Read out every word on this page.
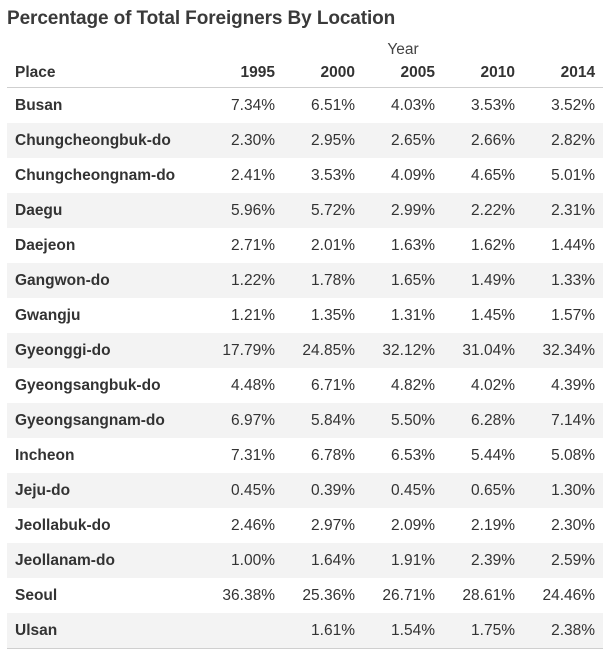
Percentage of Total Foreigners By Location
	Year				
Place	1995	2000	2005	2010	2014
Busan	7.34%	6.51%	4.03%	3.53%	3.52%
Chungcheongbuk-do	2.30%	2.95%	2.65%	2.66%	2.82%
Chungcheongnam-do	2.41%	3.53%	4.09%	4.65%	5.01%
Daegu	5.96%	5.72%	2.99%	2.22%	2.31%
Daejeon	2.71%	2.01%	1.63%	1.62%	1.44%
Gangwon-do	1.22%	1.78%	1.65%	1.49%	1.33%
Gwangju	1.21%	1.35%	1.31%	1.45%	1.57%
Gyeonggi-do	17.79%	24.85%	32.12%	31.04%	32.34%
Gyeongsangbuk-do	4.48%	6.71%	4.82%	4.02%	4.39%
Gyeongsangnam-do	6.97%	5.84%	5.50%	6.28%	7.14%
Incheon	7.31%	6.78%	6.53%	5.44%	5.08%
Jeju-do	0.45%	0.39%	0.45%	0.65%	1.30%
Jeollabuk-do	2.46%	2.97%	2.09%	2.19%	2.30%
Jeollanam-do	1.00%	1.64%	1.91%	2.39%	2.59%
Seoul	36.38%	25.36%	26.71%	28.61%	24.46%
Ulsan		1.61%	1.54%	1.75%	2.38%
